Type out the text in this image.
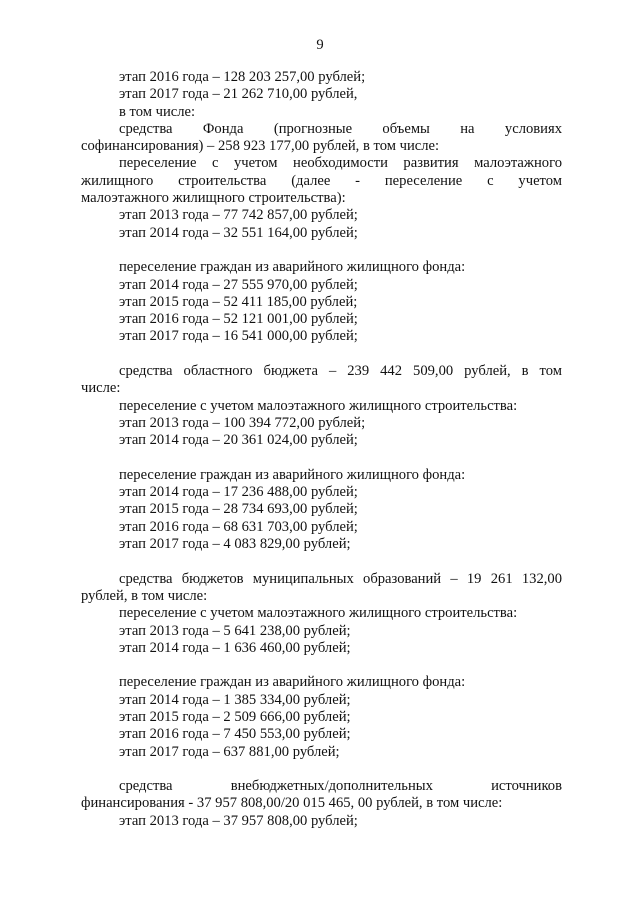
9
этап 2016 года – 128 203 257,00 рублей;
этап 2017 года – 21 262 710,00 рублей,
в том числе:
средства Фонда (прогнозные объемы на условиях
софинансирования) – 258 923 177,00 рублей, в том числе:
переселение с учетом необходимости развития малоэтажного
жилищного строительства (далее - переселение с учетом
малоэтажного жилищного строительства):
этап 2013 года – 77 742 857,00 рублей;
этап 2014 года – 32 551 164,00 рублей;
переселение граждан из аварийного жилищного фонда:
этап 2014 года – 27 555 970,00 рублей;
этап 2015 года – 52 411 185,00 рублей;
этап 2016 года – 52 121 001,00 рублей;
этап 2017 года – 16 541 000,00 рублей;
средства областного бюджета – 239 442 509,00 рублей, в том
числе:
переселение с учетом малоэтажного жилищного строительства:
этап 2013 года – 100 394 772,00 рублей;
этап 2014 года – 20 361 024,00 рублей;
переселение граждан из аварийного жилищного фонда:
этап 2014 года – 17 236 488,00 рублей;
этап 2015 года – 28 734 693,00 рублей;
этап 2016 года – 68 631 703,00 рублей;
этап 2017 года – 4 083 829,00 рублей;
средства бюджетов муниципальных образований – 19 261 132,00
рублей, в том числе:
переселение с учетом малоэтажного жилищного строительства:
этап 2013 года – 5 641 238,00 рублей;
этап 2014 года – 1 636 460,00 рублей;
переселение граждан из аварийного жилищного фонда:
этап 2014 года – 1 385 334,00 рублей;
этап 2015 года – 2 509 666,00 рублей;
этап 2016 года – 7 450 553,00 рублей;
этап 2017 года – 637 881,00 рублей;
средства внебюджетных/дополнительных источников
финансирования - 37 957 808,00/20 015 465, 00 рублей, в том числе:
этап 2013 года – 37 957 808,00 рублей;
